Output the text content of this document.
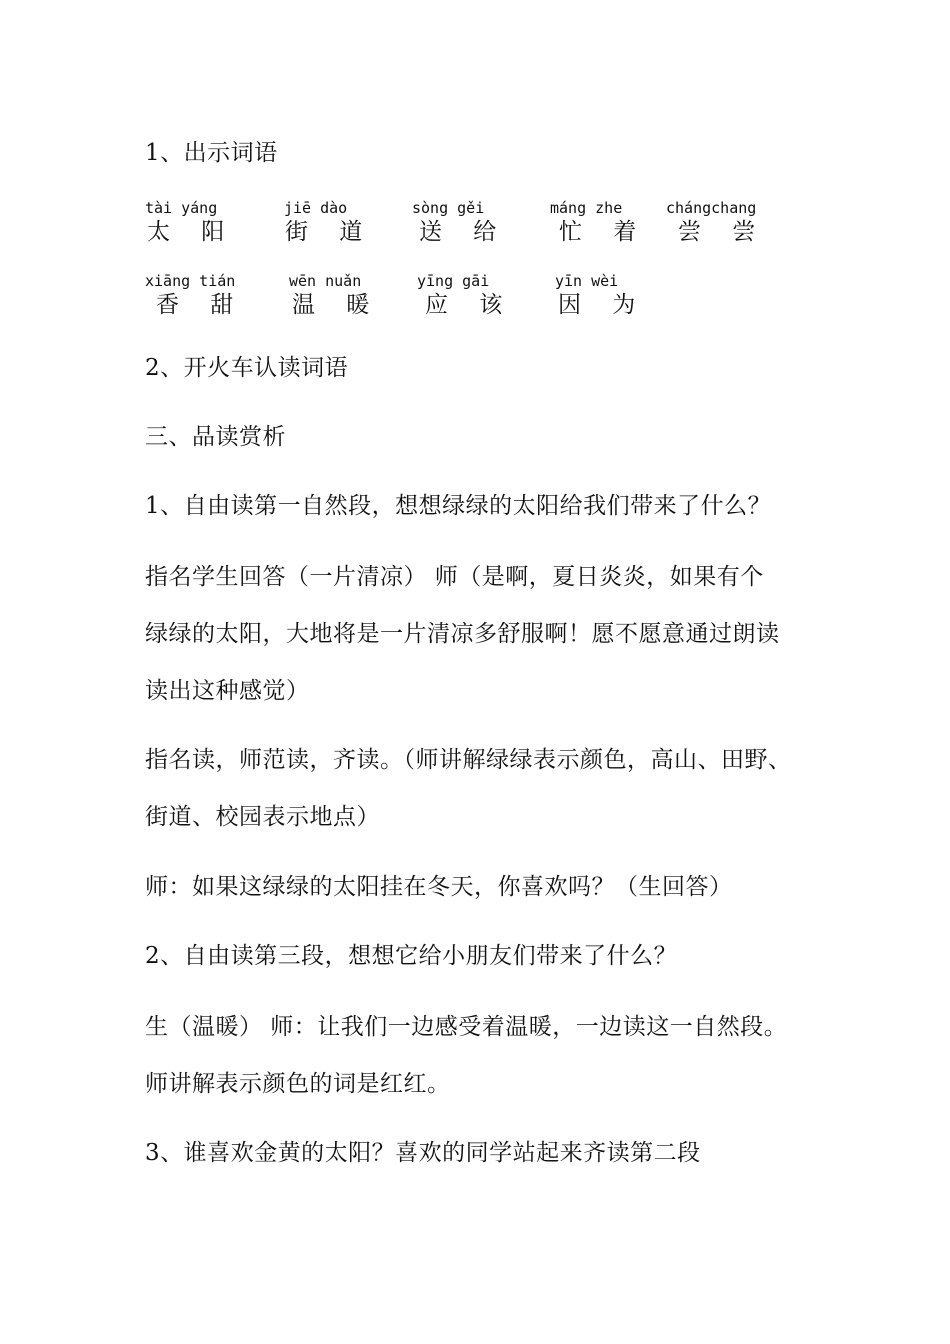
1、出示词语
tài yáng
太 阳
jiē dào
街 道
sòng gěi
送 给
máng zhe
忙 着
chángchang
尝 尝
xiāng tián
香 甜
wēn nuǎn
温 暖
yīng gāi
应 该
yīn wèi
因 为
2、开火车认读词语
三、品读赏析
1、自由读第一自然段，想想绿绿的太阳给我们带来了什么？
指名学生回答（一片清凉） 师（是啊，夏日炎炎，如果有个
绿绿的太阳，大地将是一片清凉多舒服啊！愿不愿意通过朗读
读出这种感觉）
指名读，师范读，齐读。（师讲解绿绿表示颜色，高山、田野、
街道、校园表示地点）
师：如果这绿绿的太阳挂在冬天，你喜欢吗？（生回答）
2、自由读第三段，想想它给小朋友们带来了什么？
生（温暖） 师：让我们一边感受着温暖，一边读这一自然段。
师讲解表示颜色的词是红红。
3、谁喜欢金黄的太阳？喜欢的同学站起来齐读第二段
